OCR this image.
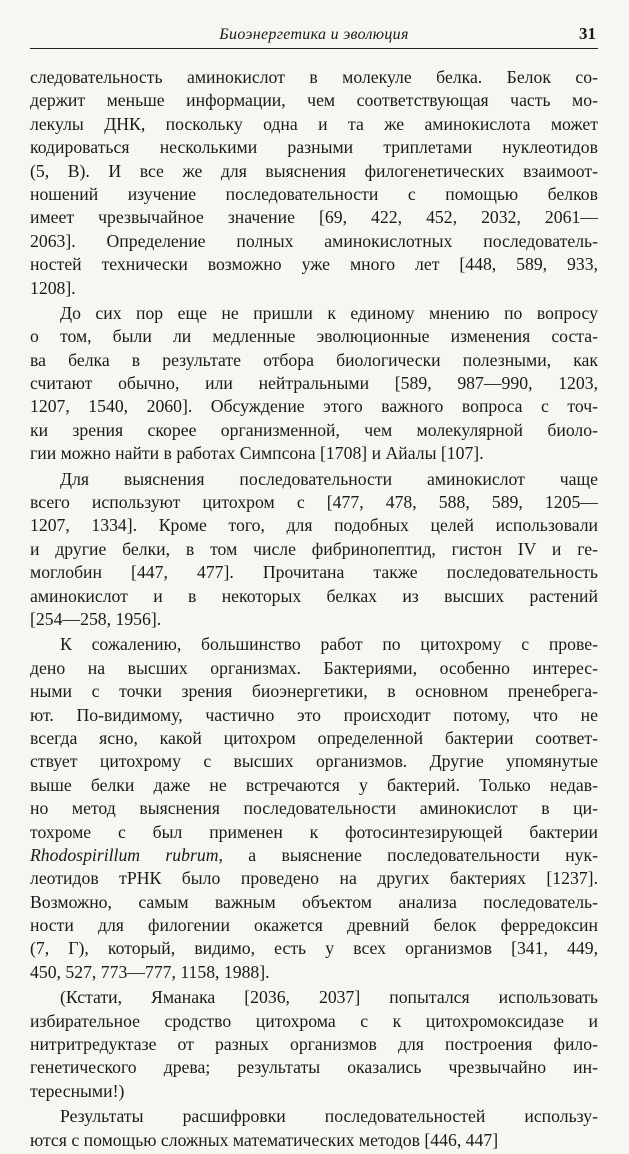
Биоэнергетика и эволюция	31
следовательность аминокислот в молекуле белка. Белок со-
держит меньше информации, чем соответствующая часть мо-
лекулы ДНК, поскольку одна и та же аминокислота может
кодироваться несколькими разными триплетами нуклеотидов
(5, В). И все же для выяснения филогенетических взаимоот-
ношений изучение последовательности с помощью белков
имеет чрезвычайное значение [69, 422, 452, 2032, 2061—
2063]. Определение полных аминокислотных последователь-
ностей технически возможно уже много лет [448, 589, 933,
1208].
До сих пор еще не пришли к единому мнению по вопросу
о том, были ли медленные эволюционные изменения соста-
ва белка в результате отбора биологически полезными, как
считают обычно, или нейтральными [589, 987—990, 1203,
1207, 1540, 2060]. Обсуждение этого важного вопроса с точ-
ки зрения скорее организменной, чем молекулярной биоло-
гии можно найти в работах Симпсона [1708] и Айалы [107].
Для выяснения последовательности аминокислот чаще
всего используют цитохром c [477, 478, 588, 589, 1205—
1207, 1334]. Кроме того, для подобных целей использовали
и другие белки, в том числе фибринопептид, гистон IV и ге-
моглобин [447, 477]. Прочитана также последовательность
аминокислот и в некоторых белках из высших растений
[254—258, 1956].
К сожалению, большинство работ по цитохрому c прове-
дено на высших организмах. Бактериями, особенно интерес-
ными с точки зрения биоэнергетики, в основном пренебрега-
ют. По-видимому, частично это происходит потому, что не
всегда ясно, какой цитохром определенной бактерии соответ-
ствует цитохрому c высших организмов. Другие упомянутые
выше белки даже не встречаются у бактерий. Только недав-
но метод выяснения последовательности аминокислот в ци-
тохроме c был применен к фотосинтезирующей бактерии
Rhodospirillum rubrum, а выяснение последовательности нук-
леотидов тРНК было проведено на других бактериях [1237].
Возможно, самым важным объектом анализа последователь-
ности для филогении окажется древний белок ферредоксин
(7, Г), который, видимо, есть у всех организмов [341, 449,
450, 527, 773—777, 1158, 1988].
(Кстати, Яманака [2036, 2037] попытался использовать
избирательное сродство цитохрома c к цитохромоксидазе и
нитритредуктазе от разных организмов для построения фило-
генетического древа; результаты оказались чрезвычайно ин-
тересными!)
Результаты расшифровки последовательностей использу-
ются с помощью сложных математических методов [446, 447]
